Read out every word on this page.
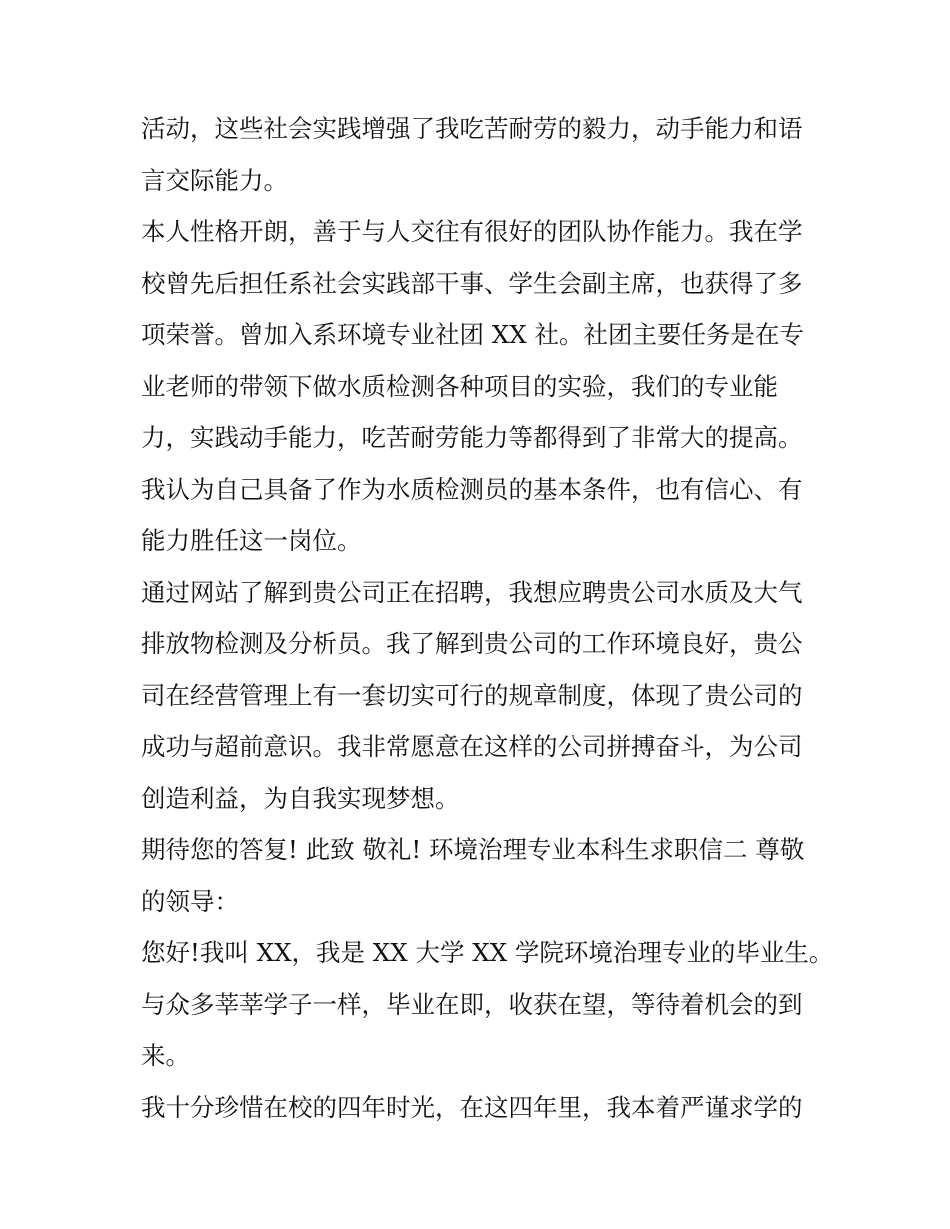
活动，这些社会实践增强了我吃苦耐劳的毅力，动手能力和语
言交际能力。
本人性格开朗，善于与人交往有很好的团队协作能力。我在学
校曾先后担任系社会实践部干事、学生会副主席，也获得了多
项荣誉。曾加入系环境专业社团 XX 社。社团主要任务是在专
业老师的带领下做水质检测各种项目的实验，我们的专业能
力，实践动手能力，吃苦耐劳能力等都得到了非常大的提高。
我认为自己具备了作为水质检测员的基本条件，也有信心、有
能力胜任这一岗位。
通过网站了解到贵公司正在招聘，我想应聘贵公司水质及大气
排放物检测及分析员。我了解到贵公司的工作环境良好，贵公
司在经营管理上有一套切实可行的规章制度，体现了贵公司的
成功与超前意识。我非常愿意在这样的公司拼搏奋斗，为公司
创造利益，为自我实现梦想。
期待您的答复! 此致 敬礼! 环境治理专业本科生求职信二 尊敬
的领导：
您好!我叫 XX，我是 XX 大学 XX 学院环境治理专业的毕业生。
与众多莘莘学子一样，毕业在即，收获在望，等待着机会的到
来。
我十分珍惜在校的四年时光，在这四年里，我本着严谨求学的
